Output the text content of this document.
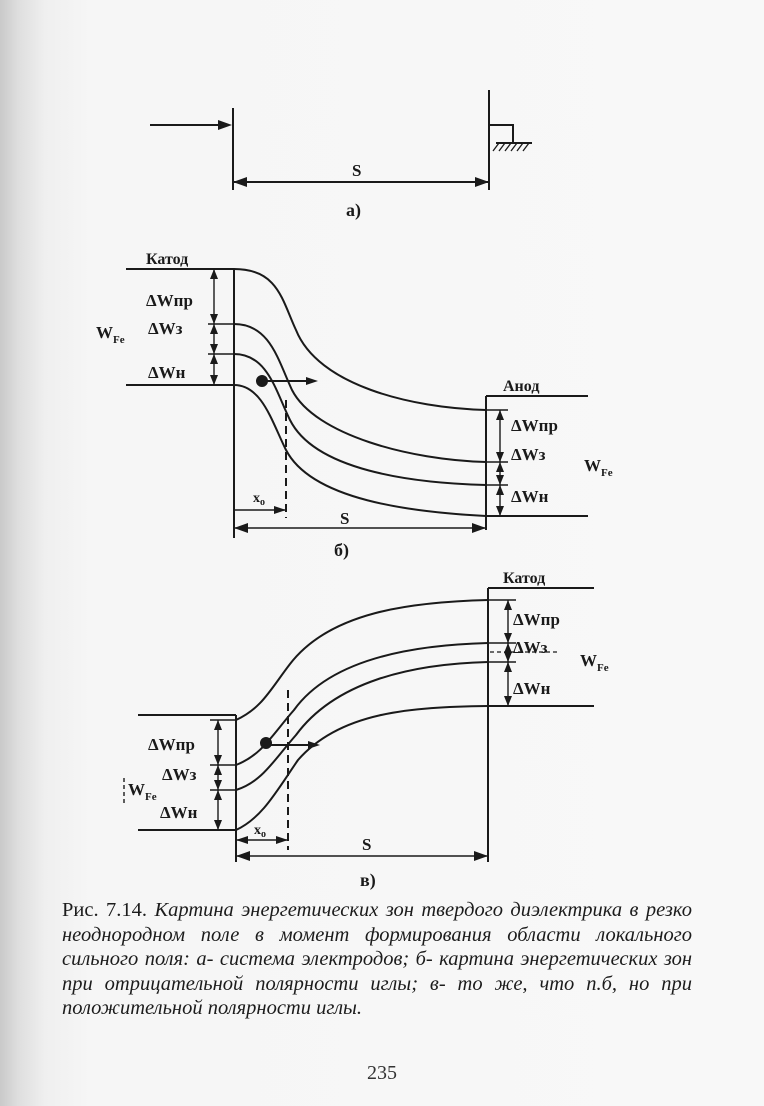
S
а)
Катод
ΔWпр
ΔWз
$W_{Fe}$
ΔWн
Анод
ΔWпр
ΔWз
$W_{Fe}$
ΔWн
$x_o$
S
б)
Катод
ΔWпр
ΔWз
$W_{Fe}$
ΔWн
ΔWпр
ΔWз
$W_{Fe}$
ΔWн
$x_o$
S
в)
Рис. 7.14. Картина энергетических зон твердого диэлектрика в резко неоднородном поле в момент формирования области локального сильного поля: а- система электродов; б- картина энергетических зон при отрицательной полярности иглы; в- то же, что п.б, но при положительной полярности иглы.
235
